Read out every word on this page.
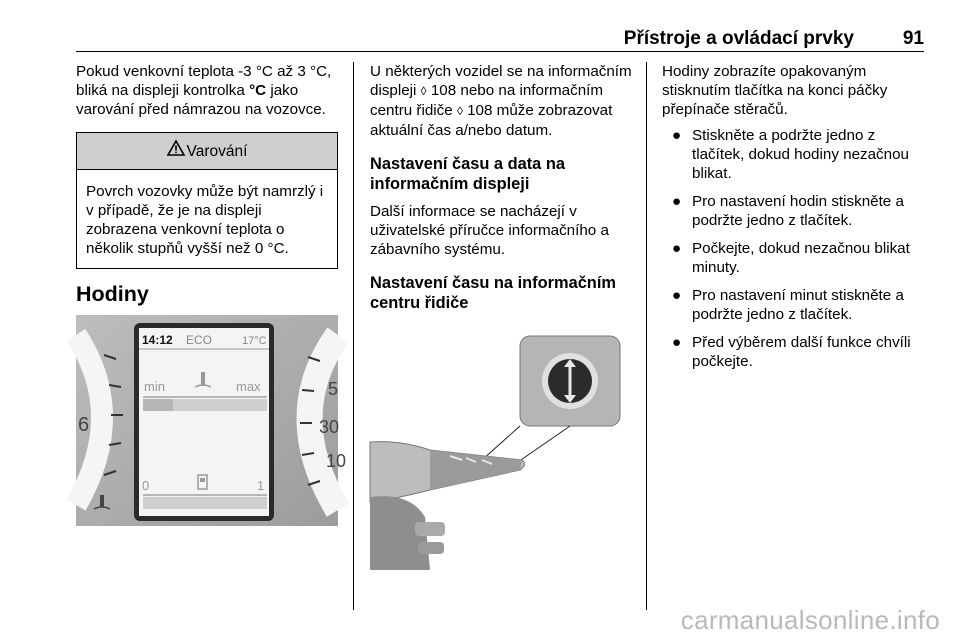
Přístroje a ovládací prvky	91

Pokud venkovní teplota -3 °C až 3 °C, bliká na displeji kontrolka °C jako varování před námrazou na vozovce.

Varování
Povrch vozovky může být namrzlý i v případě, že je na displeji zobrazena venkovní teplota o několik stupňů vyšší než 0 °C.
Hodiny
6
14:12 ECO	17°C
min	max
0	1
5
30
10

U některých vozidel se na informačním displeji ◊ 108 nebo na informačním centru řidiče ◊ 108 může zobrazovat aktuální čas a/nebo datum.

Nastavení času a data na informačním displeji

Další informace se nacházejí v uživatelské příručce informačního a zábavního systému.

Nastavení času na informačním centru řidiče

Hodiny zobrazíte opakovaným stisknutím tlačítka na konci páčky přepínače stěračů.

● Stiskněte a podržte jedno z tlačítek, dokud hodiny nezačnou blikat.
● Pro nastavení hodin stiskněte a podržte jedno z tlačítek.
● Počkejte, dokud nezačnou blikat minuty.
● Pro nastavení minut stiskněte a podržte jedno z tlačítek.
● Před výběrem další funkce chvíli počkejte.
carmanualsonline.info
